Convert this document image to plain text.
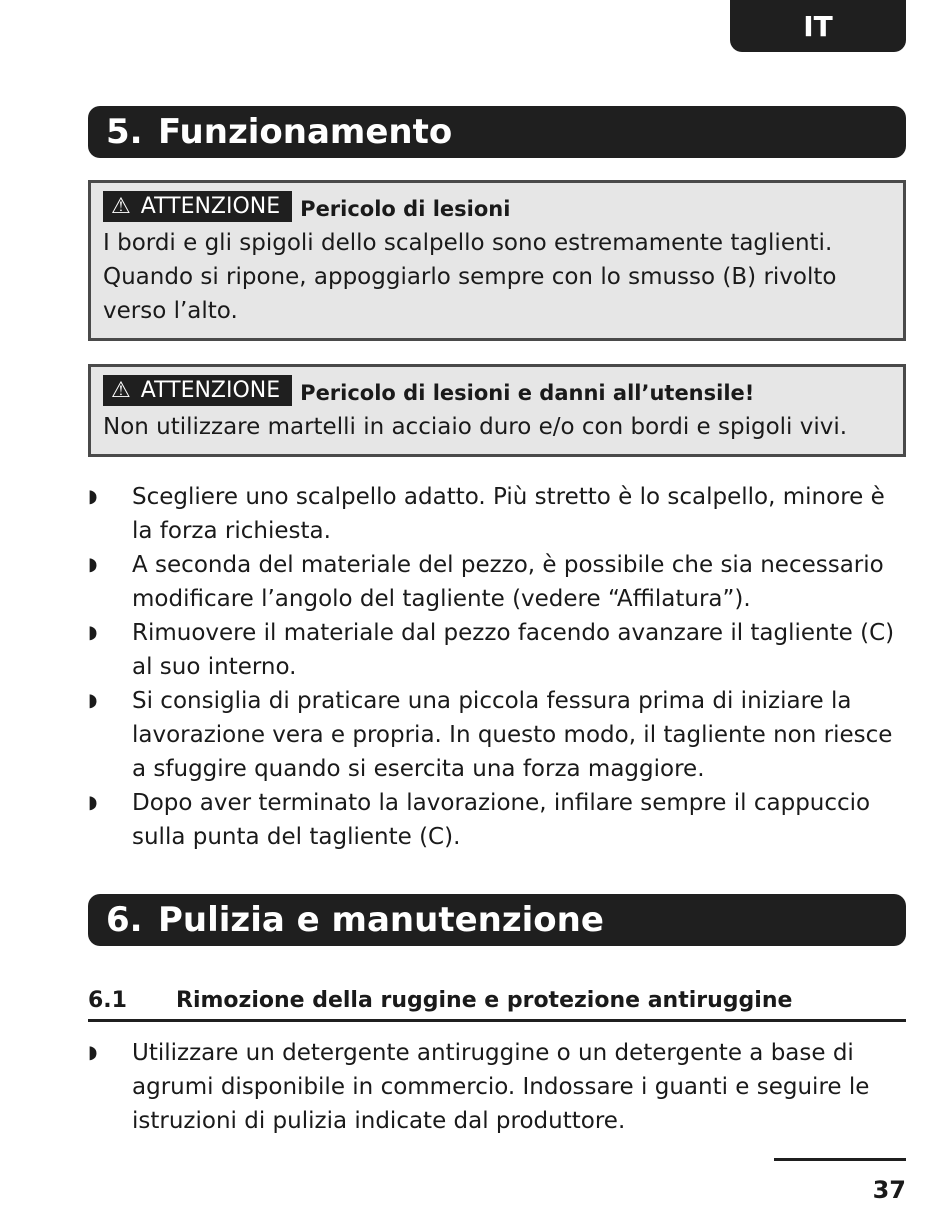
IT
5. Funzionamento
⚠ ATTENZIONE Pericolo di lesioni
I bordi e gli spigoli dello scalpello sono estremamente taglienti. Quando si ripone, appoggiarlo sempre con lo smusso (B) rivolto verso l’alto.
⚠ ATTENZIONE Pericolo di lesioni e danni all’utensile!
Non utilizzare martelli in acciaio duro e/o con bordi e spigoli vivi.
◗ Scegliere uno scalpello adatto. Più stretto è lo scalpello, minore è la forza richiesta.
◗ A seconda del materiale del pezzo, è possibile che sia necessario modificare l’angolo del tagliente (vedere “Affilatura”).
◗ Rimuovere il materiale dal pezzo facendo avanzare il tagliente (C) al suo interno.
◗ Si consiglia di praticare una piccola fessura prima di iniziare la lavorazione vera e propria. In questo modo, il tagliente non riesce a sfuggire quando si esercita una forza maggiore.
◗ Dopo aver terminato la lavorazione, infilare sempre il cappuccio sulla punta del tagliente (C).
6. Pulizia e manutenzione
6.1	Rimozione della ruggine e protezione antiruggine
◗ Utilizzare un detergente antiruggine o un detergente a base di agrumi disponibile in commercio. Indossare i guanti e seguire le istruzioni di pulizia indicate dal produttore.
37
